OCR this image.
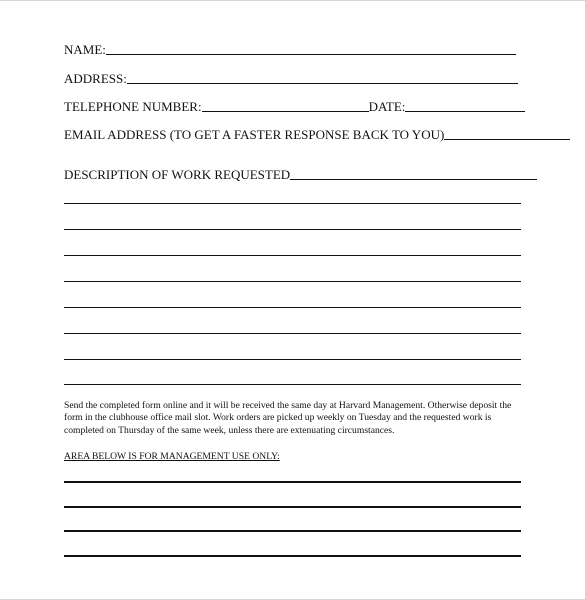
NAME:
ADDRESS:
TELEPHONE NUMBER:	DATE:
EMAIL ADDRESS (TO GET A FASTER RESPONSE BACK TO YOU)
DESCRIPTION OF WORK REQUESTED
Send the completed form online and it will be received the same day at Harvard Management. Otherwise deposit the form in the clubhouse office mail slot. Work orders are picked up weekly on Tuesday and the requested work is completed on Thursday of the same week, unless there are extenuating circumstances.
AREA BELOW IS FOR MANAGEMENT USE ONLY:
